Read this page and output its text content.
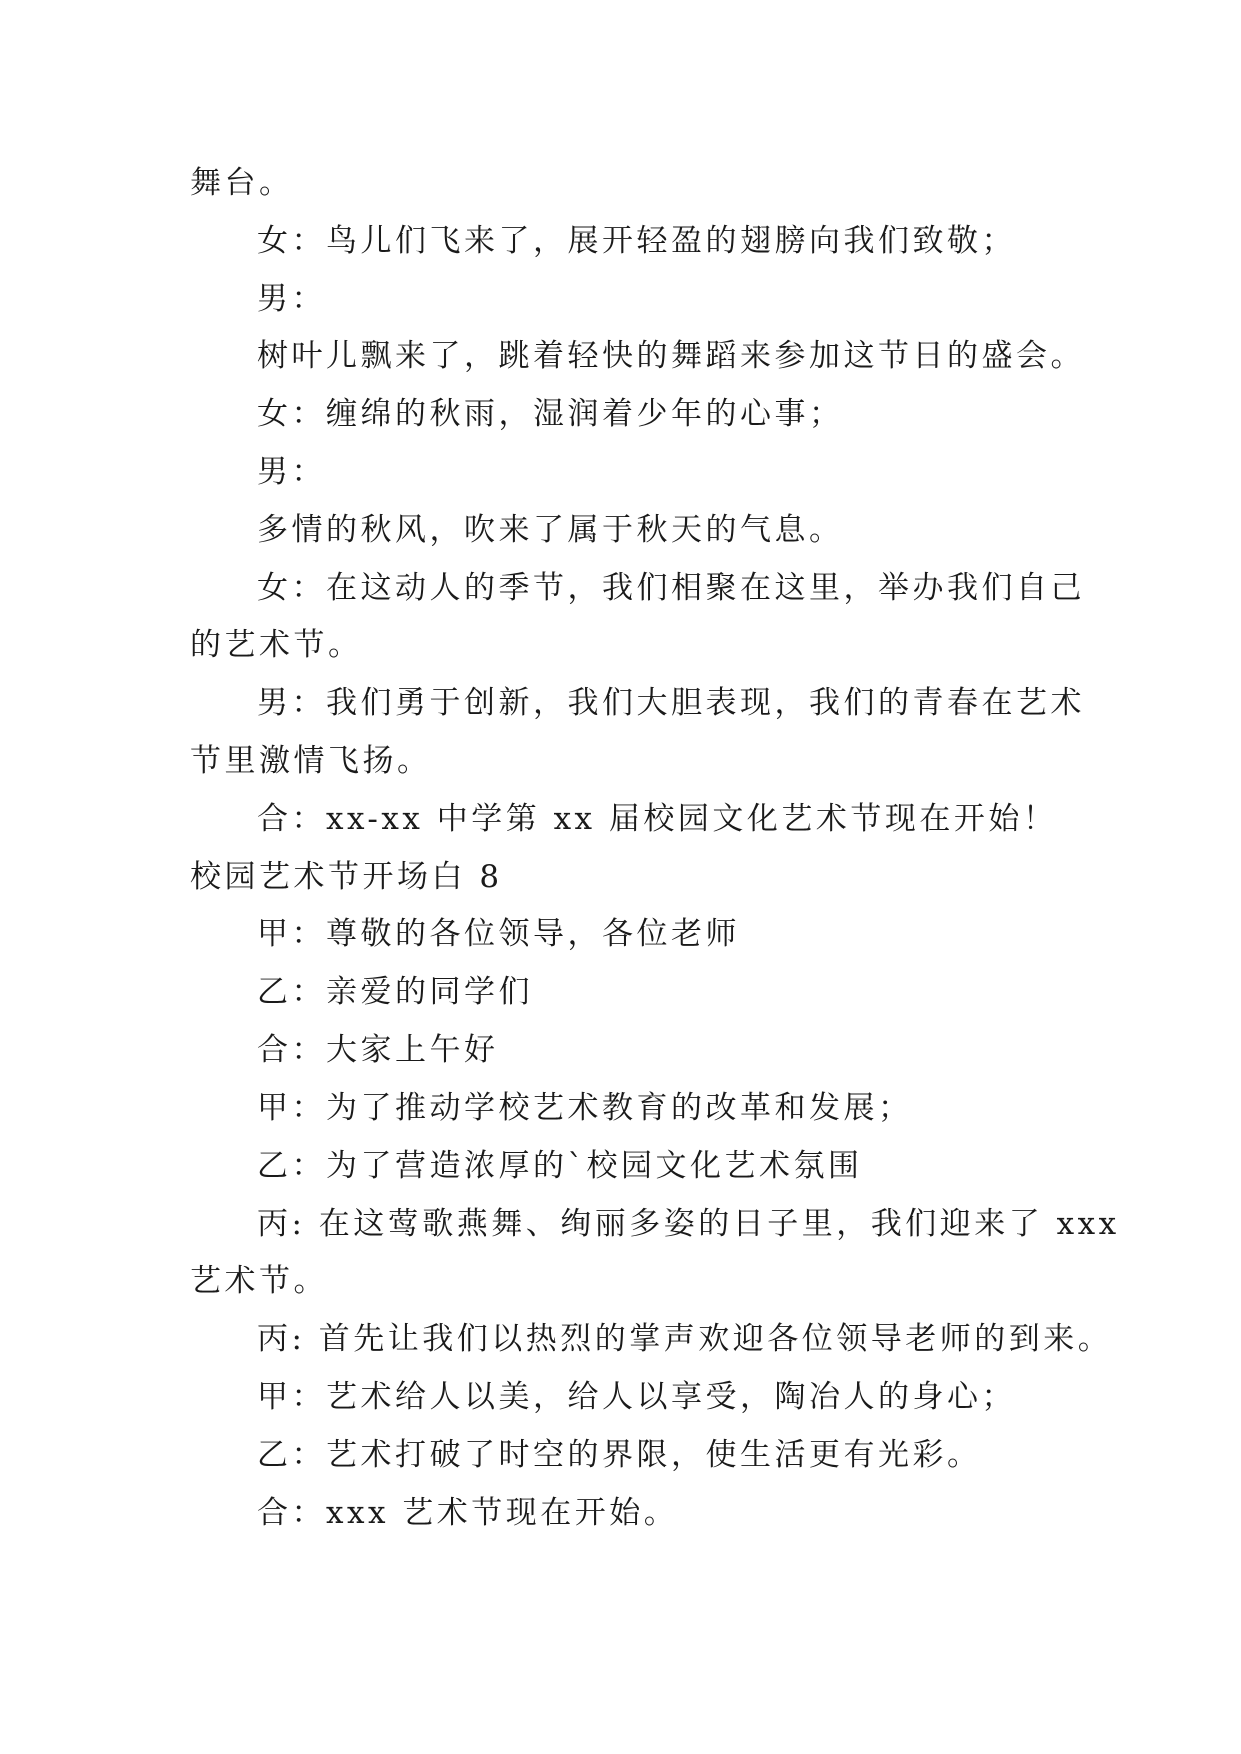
舞台。
女：鸟儿们飞来了，展开轻盈的翅膀向我们致敬；
男：
树叶儿飘来了，跳着轻快的舞蹈来参加这节日的盛会。
女：缠绵的秋雨，湿润着少年的心事；
男：
多情的秋风，吹来了属于秋天的气息。
女：在这动人的季节，我们相聚在这里，举办我们自己
的艺术节。
男：我们勇于创新，我们大胆表现，我们的青春在艺术
节里激情飞扬。
合：xx-xx 中学第 xx 届校园文化艺术节现在开始！
校园艺术节开场白 8
甲：尊敬的各位领导，各位老师
乙：亲爱的同学们
合：大家上午好
甲：为了推动学校艺术教育的改革和发展；
乙：为了营造浓厚的`校园文化艺术氛围
丙: 在这莺歌燕舞、绚丽多姿的日子里，我们迎来了 xxx
艺术节。
丙: 首先让我们以热烈的掌声欢迎各位领导老师的到来。
甲：艺术给人以美，给人以享受，陶冶人的身心；
乙：艺术打破了时空的界限，使生活更有光彩。
合：xxx 艺术节现在开始。
